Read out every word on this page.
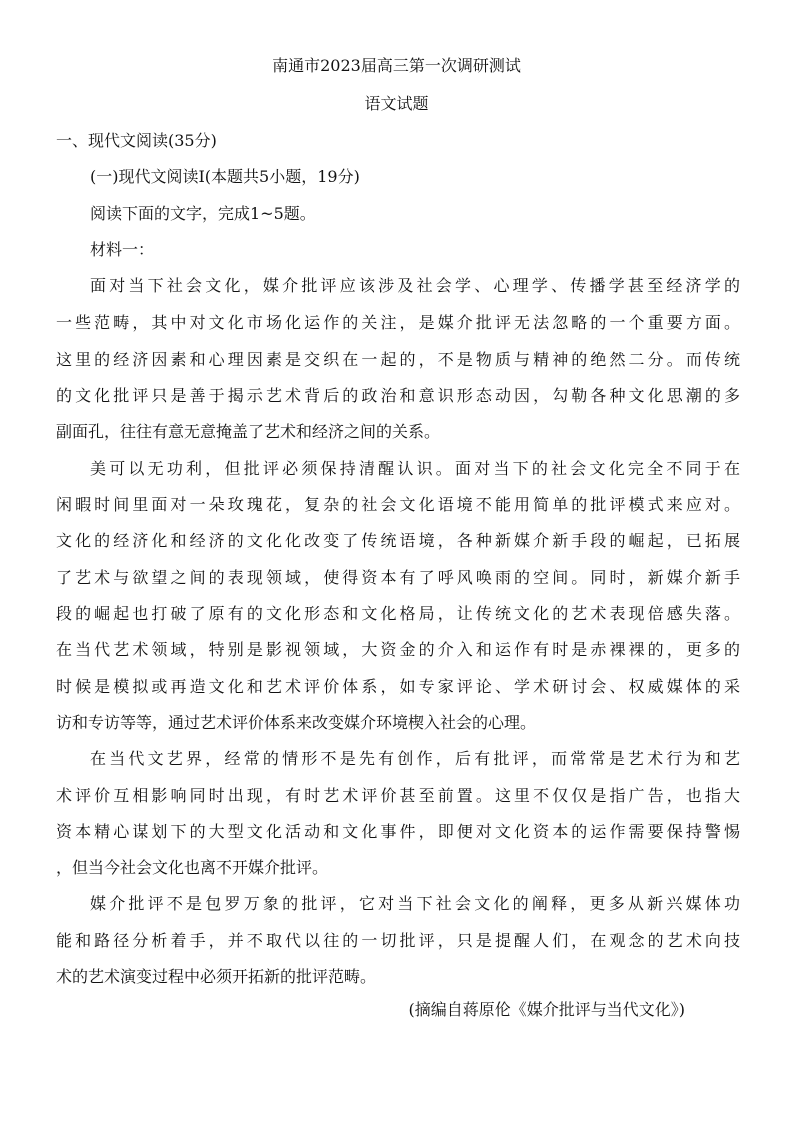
南通市2023届高三第一次调研测试
语文试题
一、现代文阅读(35分)
(一)现代文阅读Ⅰ(本题共5小题，19分)
阅读下面的文字，完成1~5题。
材料一：
面对当下社会文化，媒介批评应该涉及社会学、心理学、传播学甚至经济学的
一些范畴，其中对文化市场化运作的关注，是媒介批评无法忽略的一个重要方面。
这里的经济因素和心理因素是交织在一起的，不是物质与精神的绝然二分。而传统
的文化批评只是善于揭示艺术背后的政治和意识形态动因，勾勒各种文化思潮的多
副面孔，往往有意无意掩盖了艺术和经济之间的关系。
美可以无功利，但批评必须保持清醒认识。面对当下的社会文化完全不同于在
闲暇时间里面对一朵玫瑰花，复杂的社会文化语境不能用简单的批评模式来应对。
文化的经济化和经济的文化化改变了传统语境，各种新媒介新手段的崛起，已拓展
了艺术与欲望之间的表现领域，使得资本有了呼风唤雨的空间。同时，新媒介新手
段的崛起也打破了原有的文化形态和文化格局，让传统文化的艺术表现倍感失落。
在当代艺术领域，特别是影视领域，大资金的介入和运作有时是赤裸裸的，更多的
时候是模拟或再造文化和艺术评价体系，如专家评论、学术研讨会、权威媒体的采
访和专访等等，通过艺术评价体系来改变媒介环境楔入社会的心理。
在当代文艺界，经常的情形不是先有创作，后有批评，而常常是艺术行为和艺
术评价互相影响同时出现，有时艺术评价甚至前置。这里不仅仅是指广告，也指大
资本精心谋划下的大型文化活动和文化事件，即便对文化资本的运作需要保持警惕
，但当今社会文化也离不开媒介批评。
媒介批评不是包罗万象的批评，它对当下社会文化的阐释，更多从新兴媒体功
能和路径分析着手，并不取代以往的一切批评，只是提醒人们，在观念的艺术向技
术的艺术演变过程中必须开拓新的批评范畴。
(摘编自蒋原伦《媒介批评与当代文化》)
